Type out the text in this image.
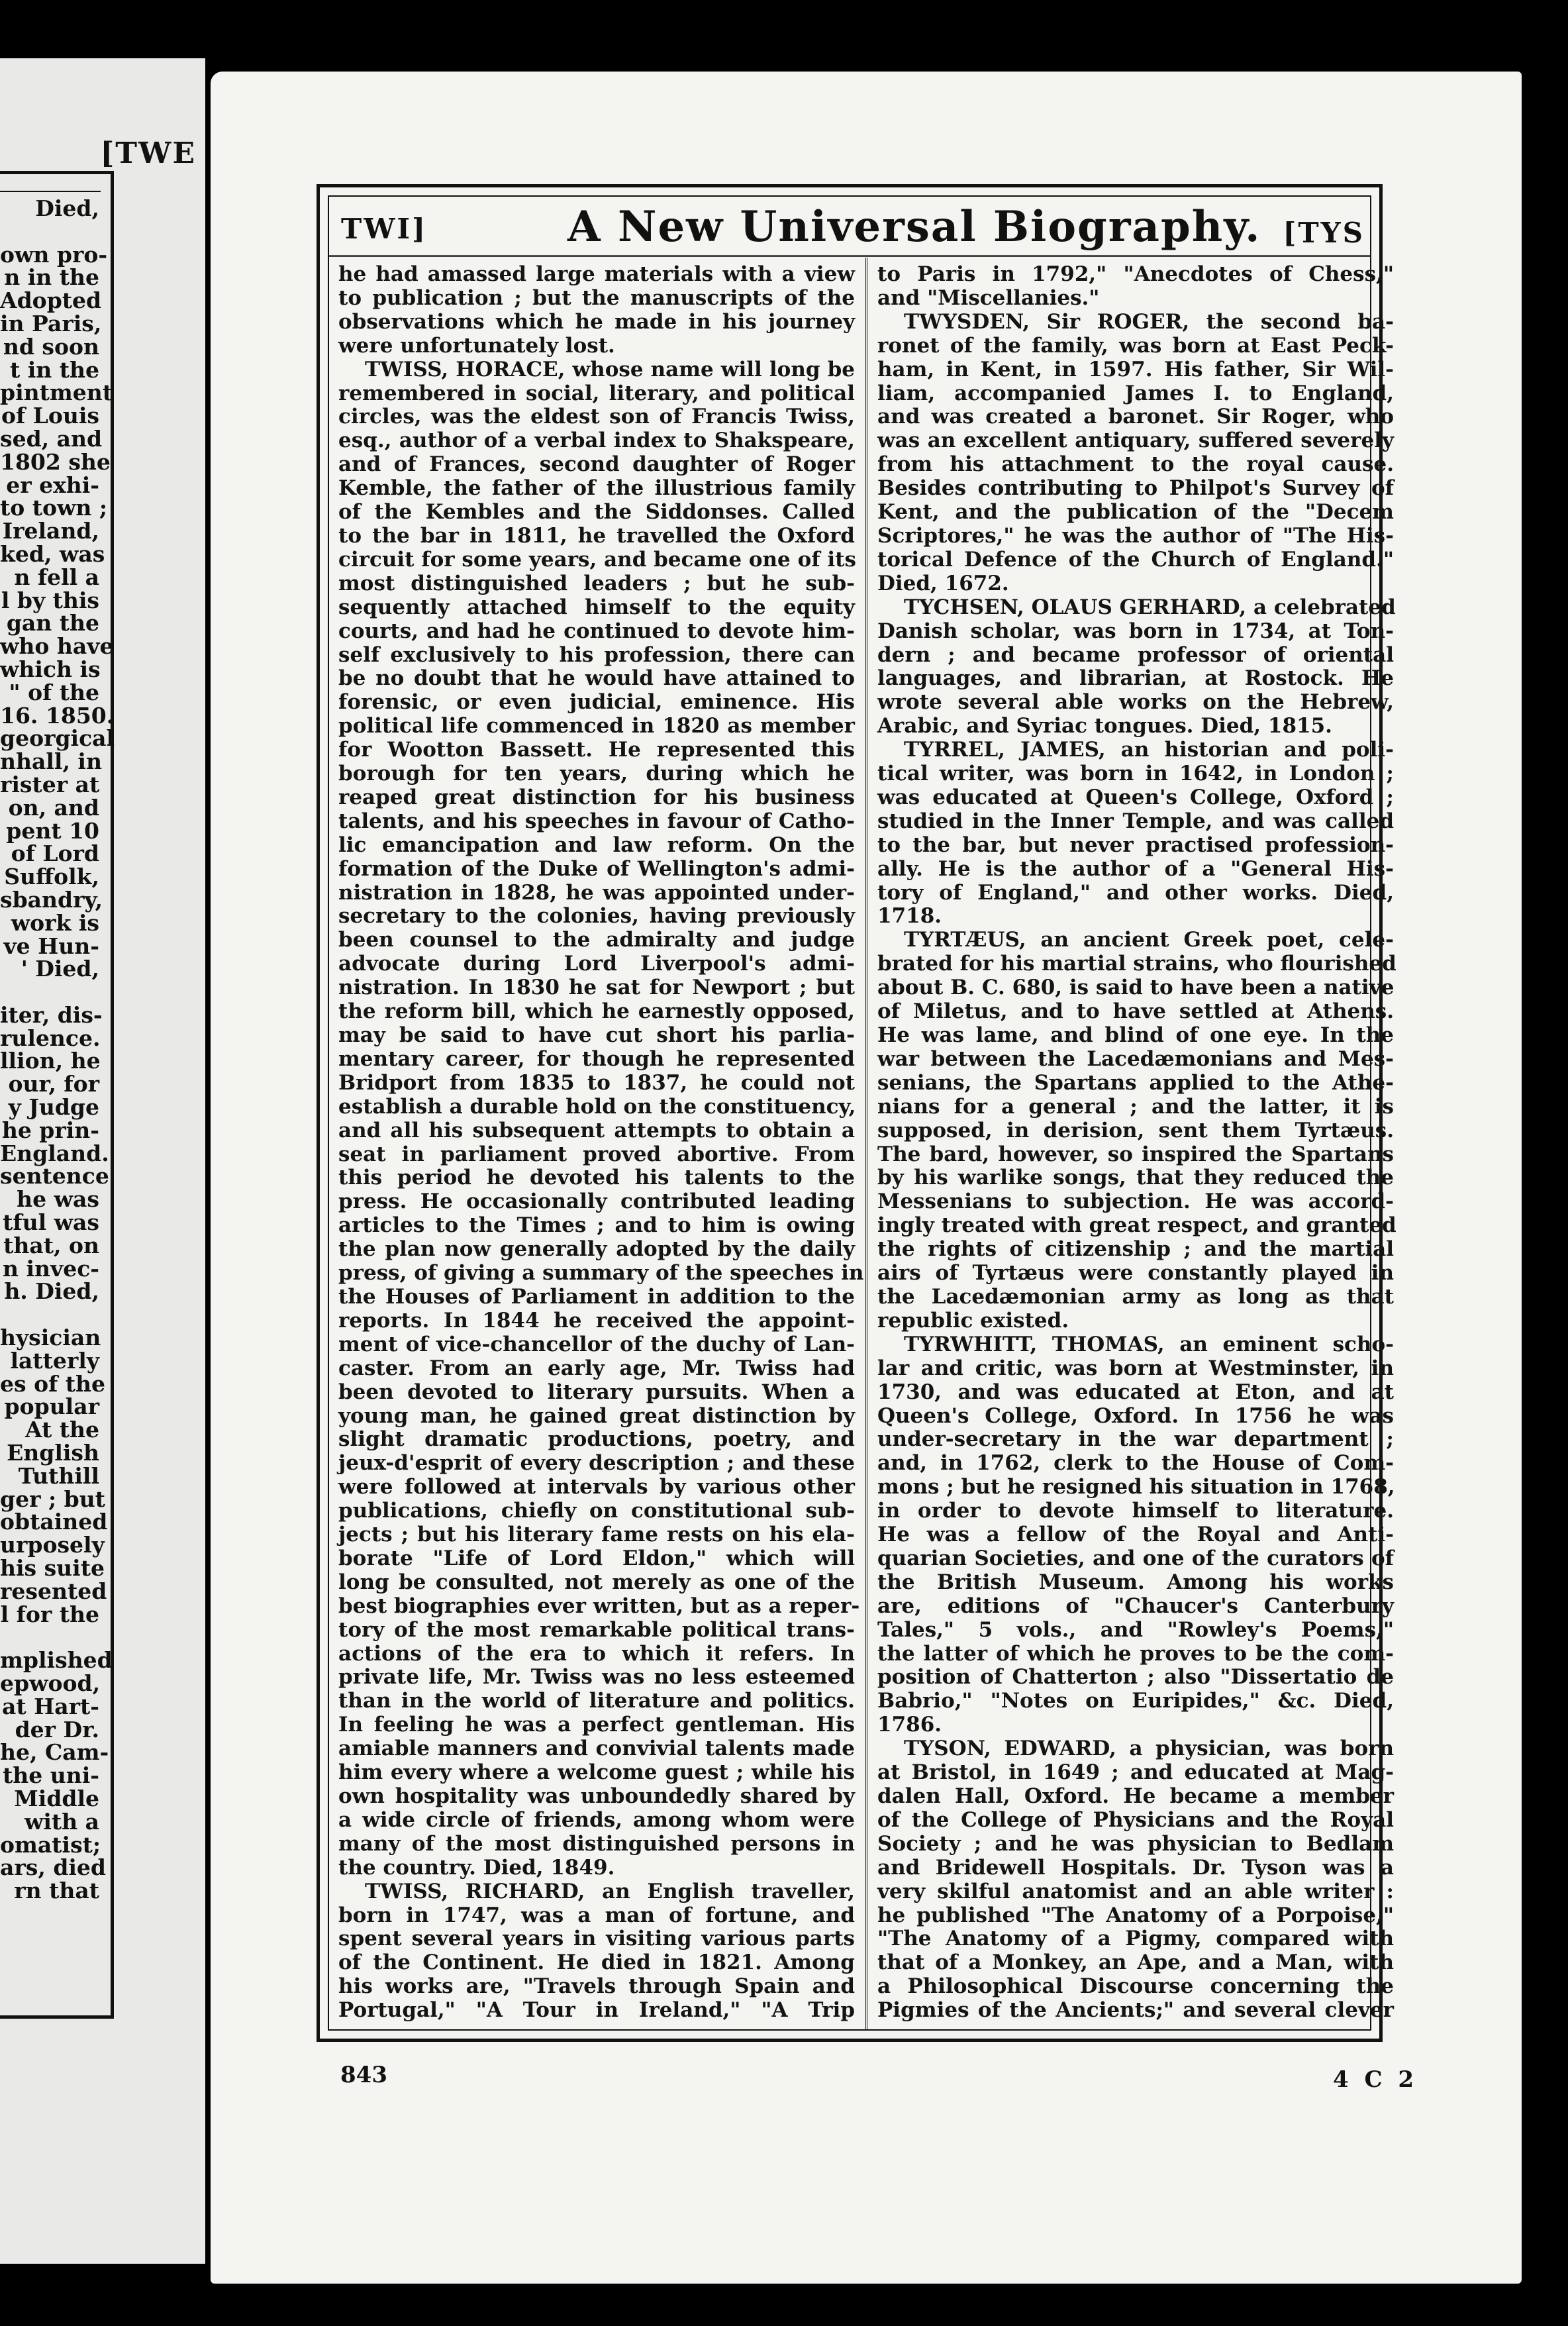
[TWE

Died,

own pro-
n in the
Adopted
in Paris,
nd soon
t in the
pintment
of Louis
sed, and
1802 she
er exhi-
to town ;
Ireland,
ked, was
n fell a
l by this
gan the
who have
which is
" of the
16. 1850.
georgical
nhall, in
rister at
on, and
pent 10
of Lord
Suffolk,
sbandry,
work is
ve Hun-
' Died,

iter, dis-
rulence.
llion, he
our, for
y Judge
he prin-
England.
sentence
he was
tful was
that, on
n invec-
h. Died,

hysician
latterly
es of the
popular
At the
English
Tuthill
ger ; but
obtained
urposely
his suite
resented
l for the

mplished
epwood,
at Hart-
der Dr.
he, Cam-
the uni-
Middle
with a
omatist;
ars, died
rn that

TWI]	A New Universal Biography. [TYS

he had amassed large materials with a view
to publication ; but the manuscripts of the
observations which he made in his journey
were unfortunately lost.
TWISS, HORACE, whose name will long be
remembered in social, literary, and political
circles, was the eldest son of Francis Twiss,
esq., author of a verbal index to Shakspeare,
and of Frances, second daughter of Roger
Kemble, the father of the illustrious family
of the Kembles and the Siddonses. Called
to the bar in 1811, he travelled the Oxford
circuit for some years, and became one of its
most distinguished leaders ; but he sub-
sequently attached himself to the equity
courts, and had he continued to devote him-
self exclusively to his profession, there can
be no doubt that he would have attained to
forensic, or even judicial, eminence. His
political life commenced in 1820 as member
for Wootton Bassett. He represented this
borough for ten years, during which he
reaped great distinction for his business
talents, and his speeches in favour of Catho-
lic emancipation and law reform. On the
formation of the Duke of Wellington's admi-
nistration in 1828, he was appointed under-
secretary to the colonies, having previously
been counsel to the admiralty and judge
advocate during Lord Liverpool's admi-
nistration. In 1830 he sat for Newport ; but
the reform bill, which he earnestly opposed,
may be said to have cut short his parlia-
mentary career, for though he represented
Bridport from 1835 to 1837, he could not
establish a durable hold on the constituency,
and all his subsequent attempts to obtain a
seat in parliament proved abortive. From
this period he devoted his talents to the
press. He occasionally contributed leading
articles to the Times ; and to him is owing
the plan now generally adopted by the daily
press, of giving a summary of the speeches in
the Houses of Parliament in addition to the
reports. In 1844 he received the appoint-
ment of vice-chancellor of the duchy of Lan-
caster. From an early age, Mr. Twiss had
been devoted to literary pursuits. When a
young man, he gained great distinction by
slight dramatic productions, poetry, and
jeux-d'esprit of every description ; and these
were followed at intervals by various other
publications, chiefly on constitutional sub-
jects ; but his literary fame rests on his ela-
borate "Life of Lord Eldon," which will
long be consulted, not merely as one of the
best biographies ever written, but as a reper-
tory of the most remarkable political trans-
actions of the era to which it refers. In
private life, Mr. Twiss was no less esteemed
than in the world of literature and politics.
In feeling he was a perfect gentleman. His
amiable manners and convivial talents made
him every where a welcome guest ; while his
own hospitality was unboundedly shared by
a wide circle of friends, among whom were
many of the most distinguished persons in
the country. Died, 1849.
TWISS, RICHARD, an English traveller,
born in 1747, was a man of fortune, and
spent several years in visiting various parts
of the Continent. He died in 1821. Among
his works are, "Travels through Spain and
Portugal," "A Tour in Ireland," "A Trip
to Paris in 1792," "Anecdotes of Chess,"
and "Miscellanies."
TWYSDEN, Sir ROGER, the second ba-
ronet of the family, was born at East Peck-
ham, in Kent, in 1597. His father, Sir Wil-
liam, accompanied James I. to England,
and was created a baronet. Sir Roger, who
was an excellent antiquary, suffered severely
from his attachment to the royal cause.
Besides contributing to Philpot's Survey of
Kent, and the publication of the "Decem
Scriptores," he was the author of "The His-
torical Defence of the Church of England."
Died, 1672.
TYCHSEN, OLAUS GERHARD, a celebrated
Danish scholar, was born in 1734, at Ton-
dern ; and became professor of oriental
languages, and librarian, at Rostock. He
wrote several able works on the Hebrew,
Arabic, and Syriac tongues. Died, 1815.
TYRREL, JAMES, an historian and poli-
tical writer, was born in 1642, in London ;
was educated at Queen's College, Oxford ;
studied in the Inner Temple, and was called
to the bar, but never practised profession-
ally. He is the author of a "General His-
tory of England," and other works. Died,
1718.
TYRTÆUS, an ancient Greek poet, cele-
brated for his martial strains, who flourished
about B. C. 680, is said to have been a native
of Miletus, and to have settled at Athens.
He was lame, and blind of one eye. In the
war between the Lacedæmonians and Mes-
senians, the Spartans applied to the Athe-
nians for a general ; and the latter, it is
supposed, in derision, sent them Tyrtæus.
The bard, however, so inspired the Spartans
by his warlike songs, that they reduced the
Messenians to subjection. He was accord-
ingly treated with great respect, and granted
the rights of citizenship ; and the martial
airs of Tyrtæus were constantly played in
the Lacedæmonian army as long as that
republic existed.
TYRWHITT, THOMAS, an eminent scho-
lar and critic, was born at Westminster, in
1730, and was educated at Eton, and at
Queen's College, Oxford. In 1756 he was
under-secretary in the war department ;
and, in 1762, clerk to the House of Com-
mons ; but he resigned his situation in 1768,
in order to devote himself to literature.
He was a fellow of the Royal and Anti-
quarian Societies, and one of the curators of
the British Museum. Among his works
are, editions of "Chaucer's Canterbury
Tales," 5 vols., and "Rowley's Poems,"
the latter of which he proves to be the com-
position of Chatterton ; also "Dissertatio de
Babrio," "Notes on Euripides," &c. Died,
1786.
TYSON, EDWARD, a physician, was born
at Bristol, in 1649 ; and educated at Mag-
dalen Hall, Oxford. He became a member
of the College of Physicians and the Royal
Society ; and he was physician to Bedlam
and Bridewell Hospitals. Dr. Tyson was a
very skilful anatomist and an able writer :
he published "The Anatomy of a Porpoise,"
"The Anatomy of a Pigmy, compared with
that of a Monkey, an Ape, and a Man, with
a Philosophical Discourse concerning the
Pigmies of the Ancients;" and several clever

843	4 C 2
